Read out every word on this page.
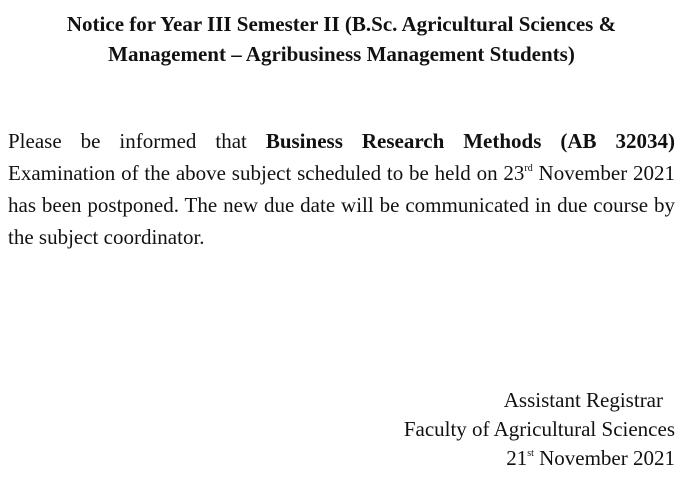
Notice for Year III Semester II (B.Sc. Agricultural Sciences &
Management – Agribusiness Management Students)

Please be informed that Business Research Methods (AB 32034) Examination of the above subject scheduled to be held on 23rd November 2021 has been postponed. The new due date will be communicated in due course by the subject coordinator.

Assistant Registrar
Faculty of Agricultural Sciences
21st November 2021
